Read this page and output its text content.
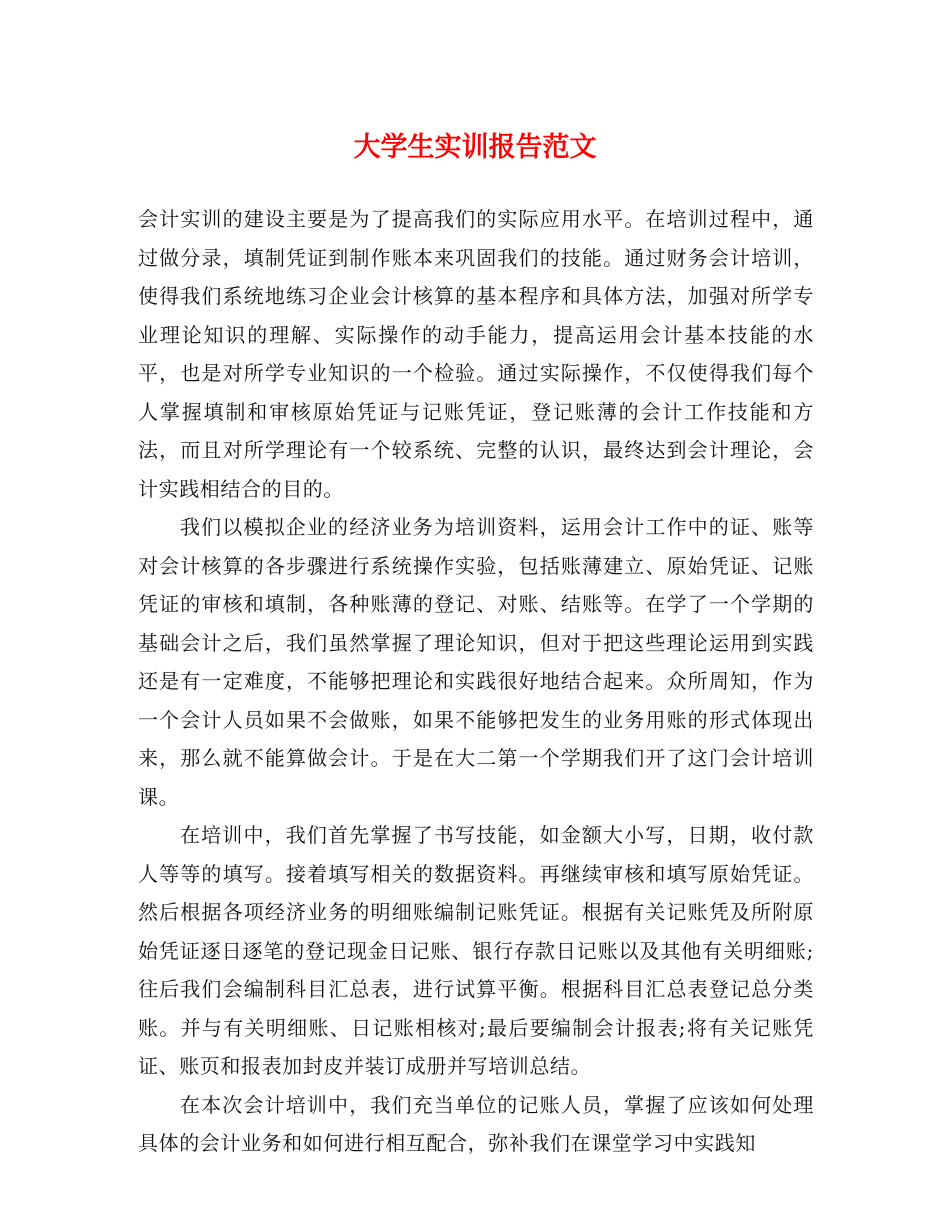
大学生实训报告范文

会计实训的建设主要是为了提高我们的实际应用水平。在培训过程中，通过做分录，填制凭证到制作账本来巩固我们的技能。通过财务会计培训，使得我们系统地练习企业会计核算的基本程序和具体方法，加强对所学专业理论知识的理解、实际操作的动手能力，提高运用会计基本技能的水平，也是对所学专业知识的一个检验。通过实际操作，不仅使得我们每个人掌握填制和审核原始凭证与记账凭证，登记账薄的会计工作技能和方法，而且对所学理论有一个较系统、完整的认识，最终达到会计理论，会计实践相结合的目的。

我们以模拟企业的经济业务为培训资料，运用会计工作中的证、账等对会计核算的各步骤进行系统操作实验，包括账薄建立、原始凭证、记账凭证的审核和填制，各种账薄的登记、对账、结账等。在学了一个学期的基础会计之后，我们虽然掌握了理论知识，但对于把这些理论运用到实践还是有一定难度，不能够把理论和实践很好地结合起来。众所周知，作为一个会计人员如果不会做账，如果不能够把发生的业务用账的形式体现出来，那么就不能算做会计。于是在大二第一个学期我们开了这门会计培训课。

在培训中，我们首先掌握了书写技能，如金额大小写，日期，收付款人等等的填写。接着填写相关的数据资料。再继续审核和填写原始凭证。然后根据各项经济业务的明细账编制记账凭证。根据有关记账凭及所附原始凭证逐日逐笔的登记现金日记账、银行存款日记账以及其他有关明细账;往后我们会编制科目汇总表，进行试算平衡。根据科目汇总表登记总分类账。并与有关明细账、日记账相核对;最后要编制会计报表;将有关记账凭证、账页和报表加封皮并装订成册并写培训总结。

在本次会计培训中，我们充当单位的记账人员，掌握了应该如何处理具体的会计业务和如何进行相互配合，弥补我们在课堂学习中实践知
